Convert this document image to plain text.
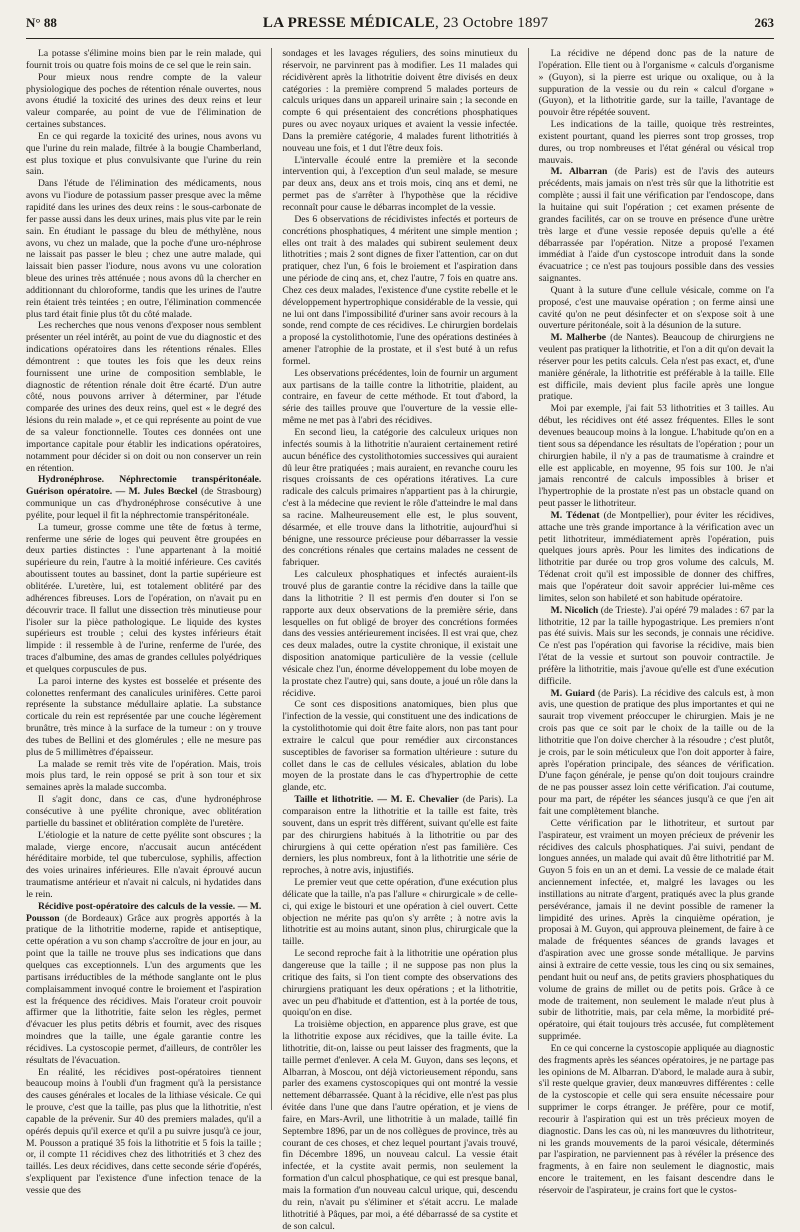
N° 88	LA PRESSE MÉDICALE, 23 Octobre 1897	263

La potasse s'élimine moins bien par le rein malade, qui fournit trois ou quatre fois moins de ce sel que le rein sain.

Pour mieux nous rendre compte de la valeur physiologique des poches de rétention rénale ouvertes, nous avons étudié la toxicité des urines des deux reins et leur valeur comparée, au point de vue de l'élimination de certaines substances.

En ce qui regarde la toxicité des urines, nous avons vu que l'urine du rein malade, filtrée à la bougie Chamberland, est plus toxique et plus convulsivante que l'urine du rein sain.

Dans l'étude de l'élimination des médicaments, nous avons vu l'iodure de potassium passer presque avec la même rapidité dans les urines des deux reins : le sous-carbonate de fer passe aussi dans les deux urines, mais plus vite par le rein sain. En étudiant le passage du bleu de méthylène, nous avons, vu chez un malade, que la poche d'une uro-néphrose ne laissait pas passer le bleu ; chez une autre malade, qui laissait bien passer l'iodure, nous avons vu une coloration bleue des urines très atténuée ; nous avons dû la chercher en additionnant du chloroforme, tandis que les urines de l'autre rein étaient très teintées ; en outre, l'élimination commencée plus tard était finie plus tôt du côté malade.

Les recherches que nous venons d'exposer nous semblent présenter un réel intérêt, au point de vue du diagnostic et des indications opératoires dans les rétentions rénales. Elles démontrent : que toutes les fois que les deux reins fournissent une urine de composition semblable, le diagnostic de rétention rénale doit être écarté. D'un autre côté, nous pouvons arriver à déterminer, par l'étude comparée des urines des deux reins, quel est « le degré des lésions du rein malade », et ce qui représente au point de vue de sa valeur fonctionnelle. Toutes ces données ont une importance capitale pour établir les indications opératoires, notamment pour décider si on doit ou non conserver un rein en rétention.

Hydronéphrose. Néphrectomie transpéritonéale. Guérison opératoire. — M. Jules Bœckel (de Strasbourg) communique un cas d'hydronéphrose consécutive à une pyélite, pour lequel il fit la néphrectomie transpéritonéale.

La tumeur, grosse comme une tête de fœtus à terme, renferme une série de loges qui peuvent être groupées en deux parties distinctes : l'une appartenant à la moitié supérieure du rein, l'autre à la moitié inférieure. Ces cavités aboutissent toutes au bassinet, dont la partie supérieure est oblitérée. L'uretère, lui, est totalement oblitéré par des adhérences fibreuses. Lors de l'opération, on n'avait pu en découvrir trace. Il fallut une dissection très minutieuse pour l'isoler sur la pièce pathologique. Le liquide des kystes supérieurs est trouble ; celui des kystes inférieurs était limpide : il ressemble à de l'urine, renferme de l'urée, des traces d'albumine, des amas de grandes cellules polyédriques et quelques corpuscules de pus.

La paroi interne des kystes est bosselée et présente des colonettes renfermant des canalicules urinifères. Cette paroi représente la substance médullaire aplatie. La substance corticale du rein est représentée par une couche légèrement brunâtre, très mince à la surface de la tumeur : on y trouve des tubes de Bellini et des glomérules ; elle ne mesure pas plus de 5 millimètres d'épaisseur.

La malade se remit très vite de l'opération. Mais, trois mois plus tard, le rein opposé se prit à son tour et six semaines après la malade succomba.

Il s'agit donc, dans ce cas, d'une hydronéphrose consécutive à une pyélite chronique, avec oblitération partielle du bassinet et oblitération complète de l'uretère.

L'étiologie et la nature de cette pyélite sont obscures ; la malade, vierge encore, n'accusait aucun antécédent héréditaire morbide, tel que tuberculose, syphilis, affection des voies urinaires inférieures. Elle n'avait éprouvé aucun traumatisme antérieur et n'avait ni calculs, ni hydatides dans le rein.

Récidive post-opératoire des calculs de la vessie. — M. Pousson (de Bordeaux) Grâce aux progrès apportés à la pratique de la lithotritie moderne, rapide et antiseptique, cette opération a vu son champ s'accroître de jour en jour, au point que la taille ne trouve plus ses indications que dans quelques cas exceptionnels. L'un des arguments que les partisans irréductibles de la méthode sanglante ont le plus complaisamment invoqué contre le broiement et l'aspiration est la fréquence des récidives. Mais l'orateur croit pouvoir affirmer que la lithotritie, faite selon les règles, permet d'évacuer les plus petits débris et fournit, avec des risques moindres que la taille, une égale garantie contre les récidives. La cystoscopie permet, d'ailleurs, de contrôler les résultats de l'évacuation.

En réalité, les récidives post-opératoires tiennent beaucoup moins à l'oubli d'un fragment qu'à la persistance des causes générales et locales de la lithiase vésicale. Ce qui le prouve, c'est que la taille, pas plus que la lithotritie, n'est capable de la prévenir. Sur 40 des premiers malades, qu'il a opérés depuis qu'il exerce et qu'il a pu suivre jusqu'à ce jour, M. Pousson a pratiqué 35 fois la lithotritie et 5 fois la taille ; or, il compte 11 récidives chez des lithotritiés et 3 chez des taillés. Les deux récidives, dans cette seconde série d'opérés, s'expliquent par l'existence d'une infection tenace de la vessie que des

sondages et les lavages réguliers, des soins minutieux du réservoir, ne parvinrent pas à modifier. Les 11 malades qui récidivèrent après la lithotritie doivent être divisés en deux catégories : la première comprend 5 malades porteurs de calculs uriques dans un appareil urinaire sain ; la seconde en compte 6 qui présentaient des concrétions phosphatiques pures ou avec noyaux uriques et avaient la vessie infectée. Dans la première catégorie, 4 malades furent lithotritiés à nouveau une fois, et 1 dut l'être deux fois.

L'intervalle écoulé entre la première et la seconde intervention qui, à l'exception d'un seul malade, se mesure par deux ans, deux ans et trois mois, cinq ans et demi, ne permet pas de s'arrêter à l'hypothèse que la récidive reconnaît pour cause le débarras incomplet de la vessie.

Des 6 observations de récidivistes infectés et porteurs de concrétions phosphatiques, 4 méritent une simple mention ; elles ont trait à des malades qui subirent seulement deux lithotrities ; mais 2 sont dignes de fixer l'attention, car on dut pratiquer, chez l'un, 6 fois le broiement et l'aspiration dans une période de cinq ans, et, chez l'autre, 7 fois en quatre ans. Chez ces deux malades, l'existence d'une cystite rebelle et le développement hypertrophique considérable de la vessie, qui ne lui ont dans l'impossibilité d'uriner sans avoir recours à la sonde, rend compte de ces récidives. Le chirurgien bordelais a proposé la cystolithotomie, l'une des opérations destinées à amener l'atrophie de la prostate, et il s'est buté à un refus formel.

Les observations précédentes, loin de fournir un argument aux partisans de la taille contre la lithotritie, plaident, au contraire, en faveur de cette méthode. Et tout d'abord, la série des tailles prouve que l'ouverture de la vessie elle-même ne met pas à l'abri des récidives.

En second lieu, la catégorie des calculeux uriques non infectés soumis à la lithotritie n'auraient certainement retiré aucun bénéfice des cystolithotomies successives qui auraient dû leur être pratiquées ; mais auraient, en revanche couru les risques croissants de ces opérations itératives. La cure radicale des calculs primaires n'appartient pas à la chirurgie, c'est à la médecine que revient le rôle d'atteindre le mal dans sa racine. Malheureusement elle est, le plus souvent, désarmée, et elle trouve dans la lithotritie, aujourd'hui si bénigne, une ressource précieuse pour débarrasser la vessie des concrétions rénales que certains malades ne cessent de fabriquer.

Les calculeux phosphatiques et infectés auraient-ils trouvé plus de garantie contre la récidive dans la taille que dans la lithotritie ? Il est permis d'en douter si l'on se rapporte aux deux observations de la première série, dans lesquelles on fut obligé de broyer des concrétions formées dans des vessies antérieurement incisées. Il est vrai que, chez ces deux malades, outre la cystite chronique, il existait une disposition anatomique particulière de la vessie (cellule vésicale chez l'un, énorme développement du lobe moyen de la prostate chez l'autre) qui, sans doute, a joué un rôle dans la récidive.

Ce sont ces dispositions anatomiques, bien plus que l'infection de la vessie, qui constituent une des indications de la cystolithotomie qui doit être faite alors, non pas tant pour extraire le calcul que pour remédier aux circonstances susceptibles de favoriser sa formation ultérieure : suture du collet dans le cas de cellules vésicales, ablation du lobe moyen de la prostate dans le cas d'hypertrophie de cette glande, etc.

Taille et lithotritie. — M. E. Chevalier (de Paris). La comparaison entre la lithotritie et la taille est faite, très souvent, dans un esprit très différent, suivant qu'elle est faite par des chirurgiens habitués à la lithotritie ou par des chirurgiens à qui cette opération n'est pas familière. Ces derniers, les plus nombreux, font à la lithotritie une série de reproches, à notre avis, injustifiés.

Le premier veut que cette opération, d'une exécution plus délicate que la taille, n'a pas l'allure « chirurgicale » de celle-ci, qui exige le bistouri et une opération à ciel ouvert. Cette objection ne mérite pas qu'on s'y arrête ; à notre avis la lithotritie est au moins autant, sinon plus, chirurgicale que la taille.

Le second reproche fait à la lithotritie une opération plus dangereuse que la taille ; il ne suppose pas non plus la critique des faits, si l'on tient compte des observations des chirurgiens pratiquant les deux opérations ; et la lithotritie, avec un peu d'habitude et d'attention, est à la portée de tous, quoiqu'on en dise.

La troisième objection, en apparence plus grave, est que la lithotritie expose aux récidives, que la taille évite. La lithotritie, dit-on, laisse ou peut laisser des fragments, que la taille permet d'enlever. A cela M. Guyon, dans ses leçons, et Albarran, à Moscou, ont déjà victorieusement répondu, sans parler des examens cystoscopiques qui ont montré la vessie nettement débarrassée. Quant à la récidive, elle n'est pas plus évitée dans l'une que dans l'autre opération, et je viens de faire, en Mars-Avril, une lithotritie à un malade, taillé fin Septembre 1896, par un de nos collègues de province, très au courant de ces choses, et chez lequel pourtant j'avais trouvé, fin Décembre 1896, un nouveau calcul. La vessie était infectée, et la cystite avait permis, non seulement la formation d'un calcul phosphatique, ce qui est presque banal, mais la formation d'un nouveau calcul urique, qui, descendu du rein, n'avait pu s'éliminer et s'était accru. Le malade lithotritié à Pâques, par moi, a été débarrassé de sa cystite et de son calcul.

La récidive ne dépend donc pas de la nature de l'opération. Elle tient ou à l'organisme « calculs d'organisme » (Guyon), si la pierre est urique ou oxalique, ou à la suppuration de la vessie ou du rein « calcul d'organe » (Guyon), et la lithotritie garde, sur la taille, l'avantage de pouvoir être répétée souvent.

Les indications de la taille, quoique très restreintes, existent pourtant, quand les pierres sont trop grosses, trop dures, ou trop nombreuses et l'état général ou vésical trop mauvais.

M. Albarran (de Paris) est de l'avis des auteurs précédents, mais jamais on n'est très sûr que la lithotritie est complète ; aussi il fait une vérification par l'endoscope, dans la huitaine qui suit l'opération ; cet examen présente de grandes facilités, car on se trouve en présence d'une urètre très large et d'une vessie reposée depuis qu'elle a été débarrassée par l'opération. Nitze a proposé l'examen immédiat à l'aide d'un cystoscope introduit dans la sonde évacuatrice ; ce n'est pas toujours possible dans des vessies saignantes.

Quant à la suture d'une cellule vésicale, comme on l'a proposé, c'est une mauvaise opération ; on ferme ainsi une cavité qu'on ne peut désinfecter et on s'expose soit à une ouverture péritonéale, soit à la désunion de la suture.

M. Malherbe (de Nantes). Beaucoup de chirurgiens ne veulent pas pratiquer la lithotritie, et l'on a dit qu'on devait la réserver pour les petits calculs. Cela n'est pas exact, et, d'une manière générale, la lithotritie est préférable à la taille. Elle est difficile, mais devient plus facile après une longue pratique.

Moi par exemple, j'ai fait 53 lithotrities et 3 tailles. Au début, les récidives ont été assez fréquentes. Elles le sont devenues beaucoup moins à la longue. L'habitude qu'on en a tient sous sa dépendance les résultats de l'opération ; pour un chirurgien habile, il n'y a pas de traumatisme à craindre et elle est applicable, en moyenne, 95 fois sur 100. Je n'ai jamais rencontré de calculs impossibles à briser et l'hypertrophie de la prostate n'est pas un obstacle quand on peut passer le lithotriteur.

M. Tédenat (de Montpellier), pour éviter les récidives, attache une très grande importance à la vérification avec un petit lithotriteur, immédiatement après l'opération, puis quelques jours après. Pour les limites des indications de lithotritie par durée ou trop gros volume des calculs, M. Tédenat croit qu'il est impossible de donner des chiffres, mais que l'opérateur doit savoir apprécier lui-même ces limites, selon son habileté et son habitude opératoire.

M. Nicolich (de Trieste). J'ai opéré 79 malades : 67 par la lithotritie, 12 par la taille hypogastrique. Les premiers n'ont pas été suivis. Mais sur les seconds, je connais une récidive. Ce n'est pas l'opération qui favorise la récidive, mais bien l'état de la vessie et surtout son pouvoir contractile. Je préfère la lithotritie, mais j'avoue qu'elle est d'une exécution difficile.

M. Guiard (de Paris). La récidive des calculs est, à mon avis, une question de pratique des plus importantes et qui ne saurait trop vivement préoccuper le chirurgien. Mais je ne crois pas que ce soit par le choix de la taille ou de la lithotritie que l'on doive chercher à la résoudre ; c'est plutôt, je crois, par le soin méticuleux que l'on doit apporter à faire, après l'opération principale, des séances de vérification. D'une façon générale, je pense qu'on doit toujours craindre de ne pas pousser assez loin cette vérification. J'ai coutume, pour ma part, de répéter les séances jusqu'à ce que j'en ait fait une complètement blanche.

Cette vérification par le lithotriteur, et surtout par l'aspirateur, est vraiment un moyen précieux de prévenir les récidives des calculs phosphatiques. J'ai suivi, pendant de longues années, un malade qui avait dû être lithotritié par M. Guyon 5 fois en un an et demi. La vessie de ce malade était anciennement infectée, et, malgré les lavages ou les instillations au nitrate d'argent, pratiqués avec la plus grande persévérance, jamais il ne devint possible de ramener la limpidité des urines. Après la cinquième opération, je proposai à M. Guyon, qui approuva pleinement, de faire à ce malade de fréquentes séances de grands lavages et d'aspiration avec une grosse sonde métallique. Je parvins ainsi à extraire de cette vessie, tous les cinq ou six semaines, pendant huit ou neuf ans, de petits graviers phosphatiques du volume de grains de millet ou de petits pois. Grâce à ce mode de traitement, non seulement le malade n'eut plus à subir de lithotritie, mais, par cela même, la morbidité pré-opératoire, qui était toujours très accusée, fut complètement supprimée.

En ce qui concerne la cystoscopie appliquée au diagnostic des fragments après les séances opératoires, je ne partage pas les opinions de M. Albarran. D'abord, le malade aura à subir, s'il reste quelque gravier, deux manœuvres différentes : celle de la cystoscopie et celle qui sera ensuite nécessaire pour supprimer le corps étranger. Je préfère, pour ce motif, recourir à l'aspiration qui est un très précieux moyen de diagnostic. Dans les cas où, ni les manœuvres du lithotriteur, ni les grands mouvements de la paroi vésicale, déterminés par l'aspiration, ne parviennent pas à révéler la présence des fragments, à en faire non seulement le diagnostic, mais encore le traitement, en les faisant descendre dans le réservoir de l'aspirateur, je crains fort que le cystos-
